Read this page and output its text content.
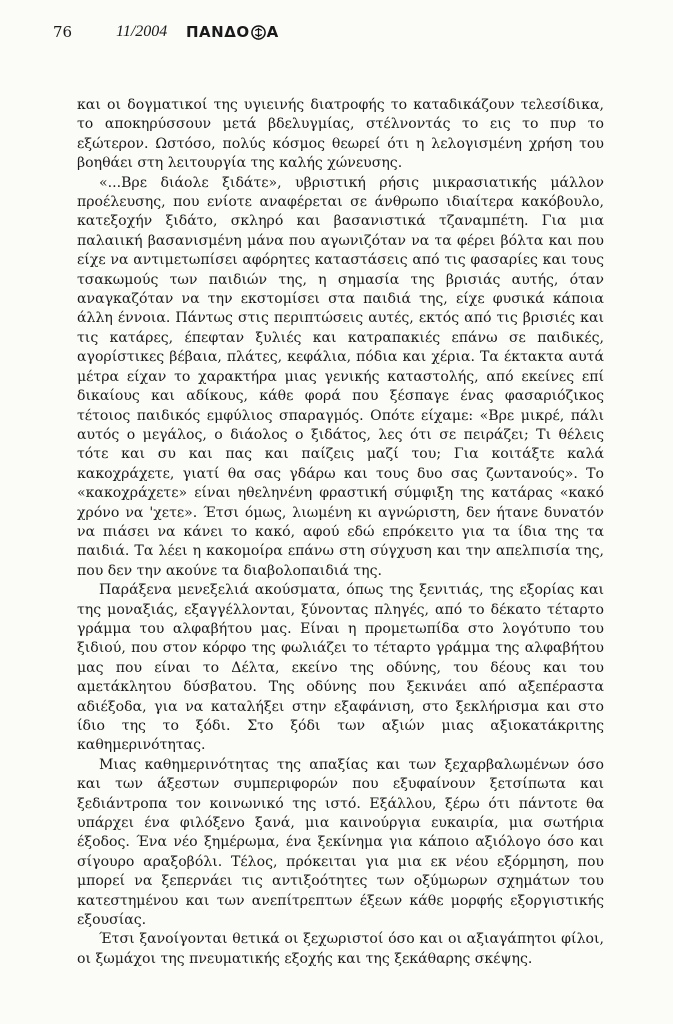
76	11/2004 ΠΑΝΔΟ Α

και οι δογματικοί της υγιεινής διατροφής το καταδικάζουν τελεσίδικα, το αποκηρύσσουν μετά βδελυγμίας, στέλνοντάς το εις το πυρ το εξώτερον. Ωστόσο, πολύς κόσμος θεωρεί ότι η λελογισμένη χρήση του βοηθάει στη λειτουργία της καλής χώνευσης.

«...Βρε διάολε ξιδάτε», υβριστική ρήσις μικρασιατικής μάλλον προέλευσης, που ενίοτε αναφέρεται σε άνθρωπο ιδιαίτερα κακόβουλο, κατεξοχήν ξιδάτο, σκληρό και βασανιστικά τζαναμπέτη. Για μια παλαιική βασανισμένη μάνα που αγωνιζόταν να τα φέρει βόλτα και που είχε να αντιμετωπίσει αφόρητες καταστάσεις από τις φασαρίες και τους τσακωμούς των παιδιών της, η σημασία της βρισιάς αυτής, όταν αναγκαζόταν να την εκστομίσει στα παιδιά της, είχε φυσικά κάποια άλλη έννοια. Πάντως στις περιπτώσεις αυτές, εκτός από τις βρισιές και τις κατάρες, έπεφταν ξυλιές και κατραπακιές επάνω σε παιδικές, αγορίστικες βέβαια, πλάτες, κεφάλια, πόδια και χέρια. Τα έκτακτα αυτά μέτρα είχαν το χαρακτήρα μιας γενικής καταστολής, από εκείνες επί δικαίους και αδίκους, κάθε φορά που ξέσπαγε ένας φασαριόζικος τέτοιος παιδικός εμφύλιος σπαραγμός. Οπότε είχαμε: «Βρε μικρέ, πάλι αυτός ο μεγάλος, ο διάολος ο ξιδάτος, λες ότι σε πειράζει; Τι θέλεις τότε και συ και πας και παίζεις μαζί του; Για κοιτάξτε καλά κακοχράχετε, γιατί θα σας γδάρω και τους δυο σας ζωντανούς». Το «κακοχράχετε» είναι ηθεληνένη φραστική σύμφιξη της κατάρας «κακό χρόνο να 'χετε». Έτσι όμως, λιωμένη κι αγνώριστη, δεν ήτανε δυνατόν να πιάσει να κάνει το κακό, αφού εδώ επρόκειτο για τα ίδια της τα παιδιά. Τα λέει η κακομοίρα επάνω στη σύγχυση και την απελπισία της, που δεν την ακούνε τα διαβολοπαιδιά της.

Παράξενα μενεξελιά ακούσματα, όπως της ξενιτιάς, της εξορίας και της μοναξιάς, εξαγγέλλονται, ξύνοντας πληγές, από το δέκατο τέταρτο γράμμα του αλφαβήτου μας. Είναι η προμετωπίδα στο λογότυπο του ξιδιού, που στον κόρφο της φωλιάζει το τέταρτο γράμμα της αλφαβήτου μας που είναι το Δέλτα, εκείνο της οδύνης, του δέους και του αμετάκλητου δύσβατου. Της οδύνης που ξεκινάει από αξεπέραστα αδιέξοδα, για να καταλήξει στην εξαφάνιση, στο ξεκλήρισμα και στο ίδιο της το ξόδι. Στο ξόδι των αξιών μιας αξιοκατάκριτης καθημερινότητας.

Μιας καθημερινότητας της απαξίας και των ξεχαρβαλωμένων όσο και των άξεστων συμπεριφορών που εξυφαίνουν ξετσίπωτα και ξεδιάντροπα τον κοινωνικό της ιστό. Εξάλλου, ξέρω ότι πάντοτε θα υπάρχει ένα φιλόξενο ξανά, μια καινούργια ευκαιρία, μια σωτήρια έξοδος. Ένα νέο ξημέρωμα, ένα ξεκίνημα για κάποιο αξιόλογο όσο και σίγουρο αραξοβόλι. Τέλος, πρόκειται για μια εκ νέου εξόρμηση, που μπορεί να ξεπερνάει τις αντιξοότητες των οξύμωρων σχημάτων του κατεστημένου και των ανεπίτρεπτων έξεων κάθε μορφής εξοργιστικής εξουσίας.

Έτσι ξανοίγονται θετικά οι ξεχωριστοί όσο και οι αξιαγάπητοι φίλοι, οι ξωμάχοι της πνευματικής εξοχής και της ξεκάθαρης σκέψης.
